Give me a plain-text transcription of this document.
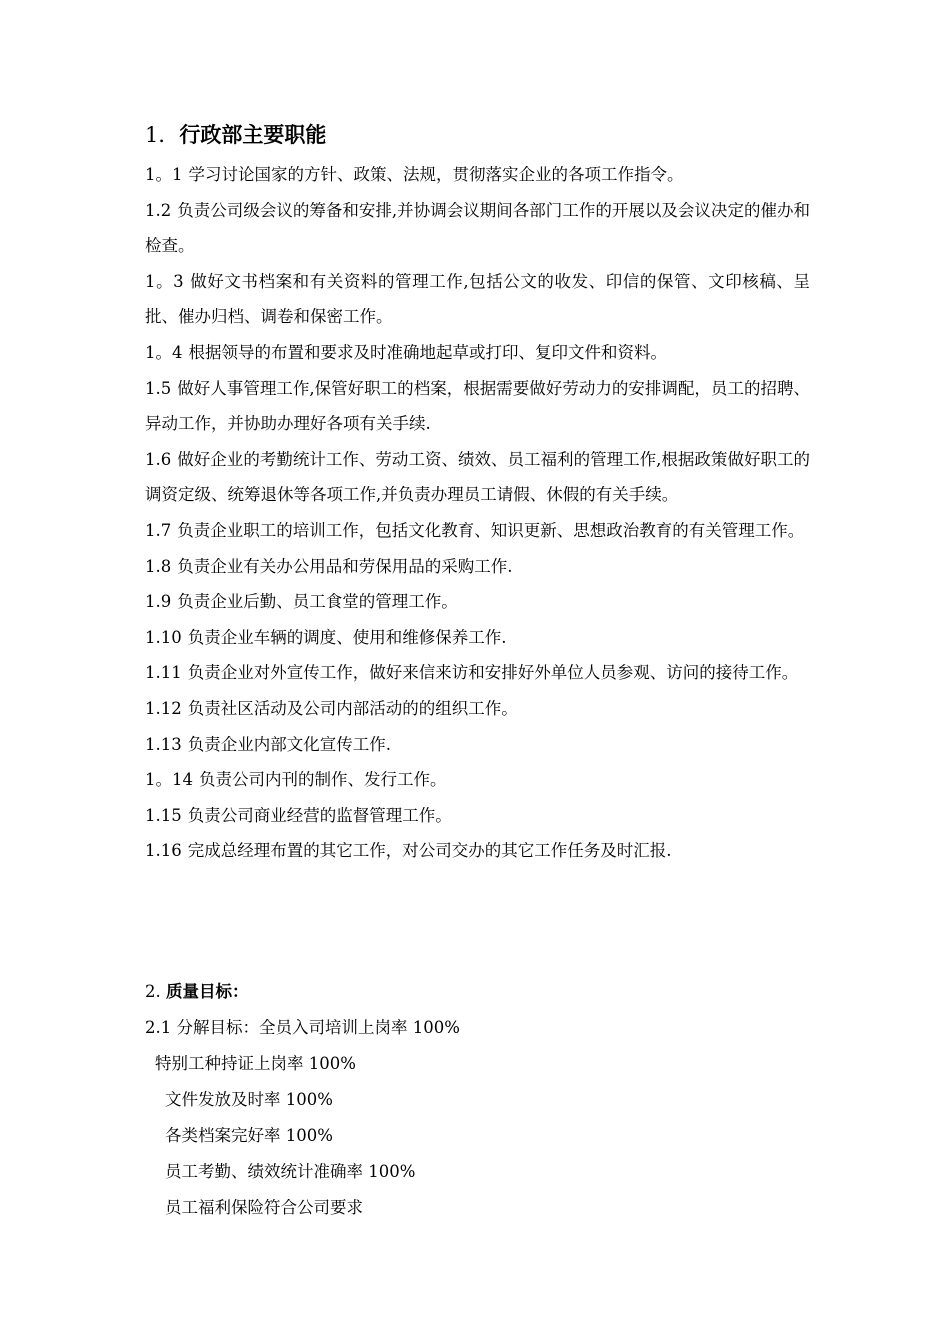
1．行政部主要职能

1。1 学习讨论国家的方针、政策、法规，贯彻落实企业的各项工作指令。

1.2 负责公司级会议的筹备和安排,并协调会议期间各部门工作的开展以及会议决定的催办和检查。

1。3 做好文书档案和有关资料的管理工作,包括公文的收发、印信的保管、文印核稿、呈批、催办归档、调卷和保密工作。

1。4 根据领导的布置和要求及时准确地起草或打印、复印文件和资料。

1.5 做好人事管理工作,保管好职工的档案，根据需要做好劳动力的安排调配，员工的招聘、异动工作，并协助办理好各项有关手续.

1.6 做好企业的考勤统计工作、劳动工资、绩效、员工福利的管理工作,根据政策做好职工的调资定级、统筹退休等各项工作,并负责办理员工请假、休假的有关手续。

1.7 负责企业职工的培训工作，包括文化教育、知识更新、思想政治教育的有关管理工作。

1.8 负责企业有关办公用品和劳保用品的采购工作.

1.9 负责企业后勤、员工食堂的管理工作。

1.10 负责企业车辆的调度、使用和维修保养工作.

1.11 负责企业对外宣传工作，做好来信来访和安排好外单位人员参观、访问的接待工作。

1.12 负责社区活动及公司内部活动的的组织工作。

1.13 负责企业内部文化宣传工作.

1。14 负责公司内刊的制作、发行工作。

1.15 负责公司商业经营的监督管理工作。

1.16 完成总经理布置的其它工作，对公司交办的其它工作任务及时汇报.

2. 质量目标：

2.1 分解目标：全员入司培训上岗率 100%

特别工种持证上岗率 100%

文件发放及时率 100%

各类档案完好率 100%

员工考勤、绩效统计准确率 100%

员工福利保险符合公司要求
